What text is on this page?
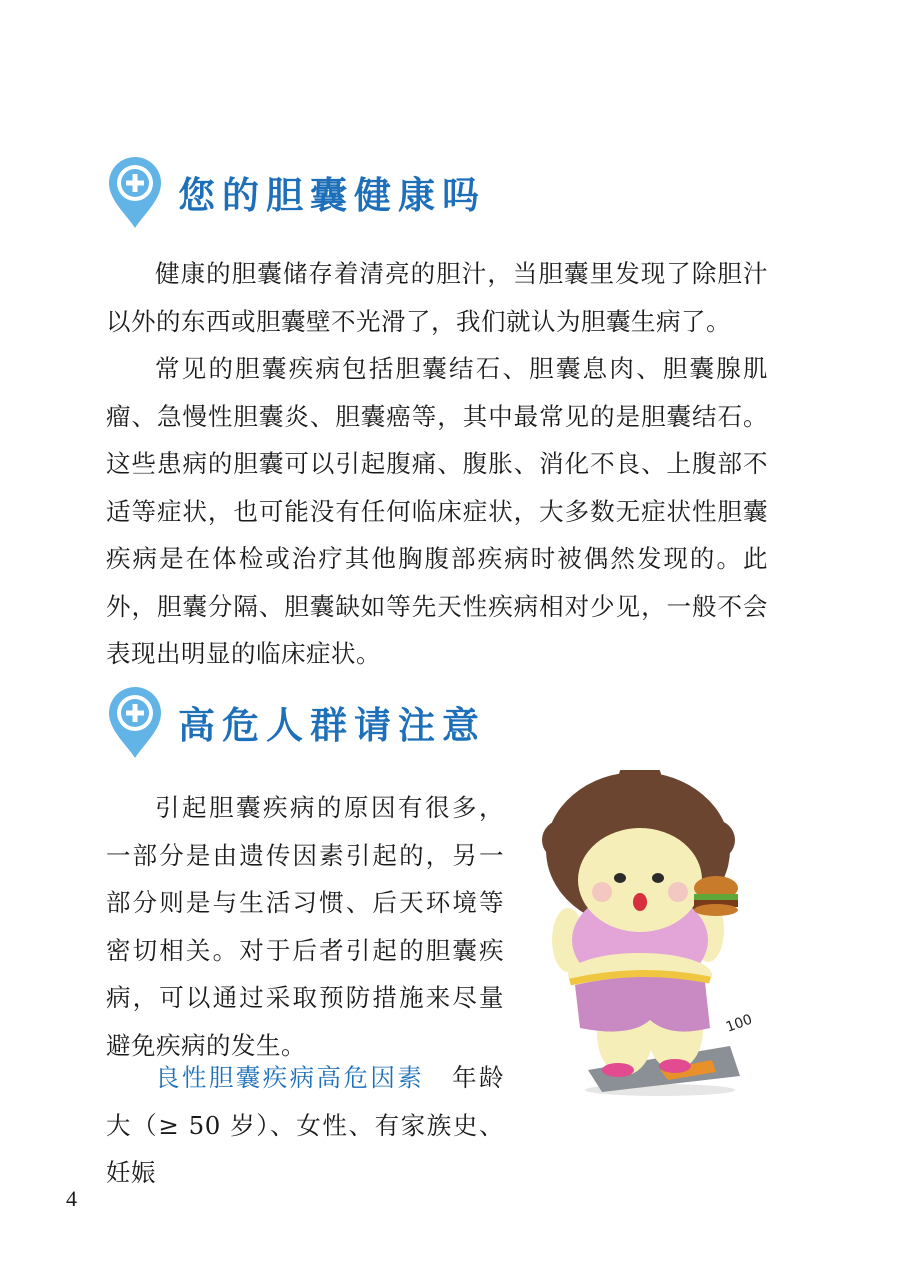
您的胆囊健康吗

健康的胆囊储存着清亮的胆汁，当胆囊里发现了除胆汁以外的东西或胆囊壁不光滑了，我们就认为胆囊生病了。

常见的胆囊疾病包括胆囊结石、胆囊息肉、胆囊腺肌瘤、急慢性胆囊炎、胆囊癌等，其中最常见的是胆囊结石。这些患病的胆囊可以引起腹痛、腹胀、消化不良、上腹部不适等症状，也可能没有任何临床症状，大多数无症状性胆囊疾病是在体检或治疗其他胸腹部疾病时被偶然发现的。此外，胆囊分隔、胆囊缺如等先天性疾病相对少见，一般不会表现出明显的临床症状。

高危人群请注意

引起胆囊疾病的原因有很多，一部分是由遗传因素引起的，另一部分则是与生活习惯、后天环境等密切相关。对于后者引起的胆囊疾病，可以通过采取预防措施来尽量避免疾病的发生。

良性胆囊疾病高危因素 年龄大（≥ 50 岁）、女性、有家族史、妊娠

100
4
